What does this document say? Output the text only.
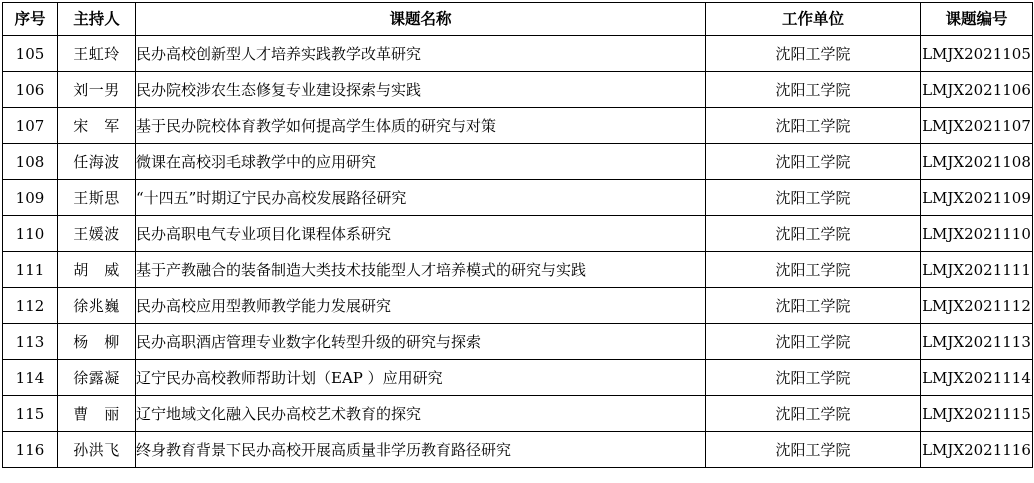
序号	主持人	课题名称	工作单位	课题编号
105	王虹玲	民办高校创新型人才培养实践教学改革研究	沈阳工学院	LMJX2021105
106	刘一男	民办院校涉农生态修复专业建设探索与实践	沈阳工学院	LMJX2021106
107	宋　军	基于民办院校体育教学如何提高学生体质的研究与对策	沈阳工学院	LMJX2021107
108	任海波	微课在高校羽毛球教学中的应用研究	沈阳工学院	LMJX2021108
109	王斯思	“十四五”时期辽宁民办高校发展路径研究	沈阳工学院	LMJX2021109
110	王媛波	民办高职电气专业项目化课程体系研究	沈阳工学院	LMJX2021110
111	胡　威	基于产教融合的装备制造大类技术技能型人才培养模式的研究与实践	沈阳工学院	LMJX2021111
112	徐兆巍	民办高校应用型教师教学能力发展研究	沈阳工学院	LMJX2021112
113	杨　柳	民办高职酒店管理专业数字化转型升级的研究与探索	沈阳工学院	LMJX2021113
114	徐露凝	辽宁民办高校教师帮助计划（EAP ）应用研究	沈阳工学院	LMJX2021114
115	曹　丽	辽宁地域文化融入民办高校艺术教育的探究	沈阳工学院	LMJX2021115
116	孙洪飞	终身教育背景下民办高校开展高质量非学历教育路径研究	沈阳工学院	LMJX2021116
